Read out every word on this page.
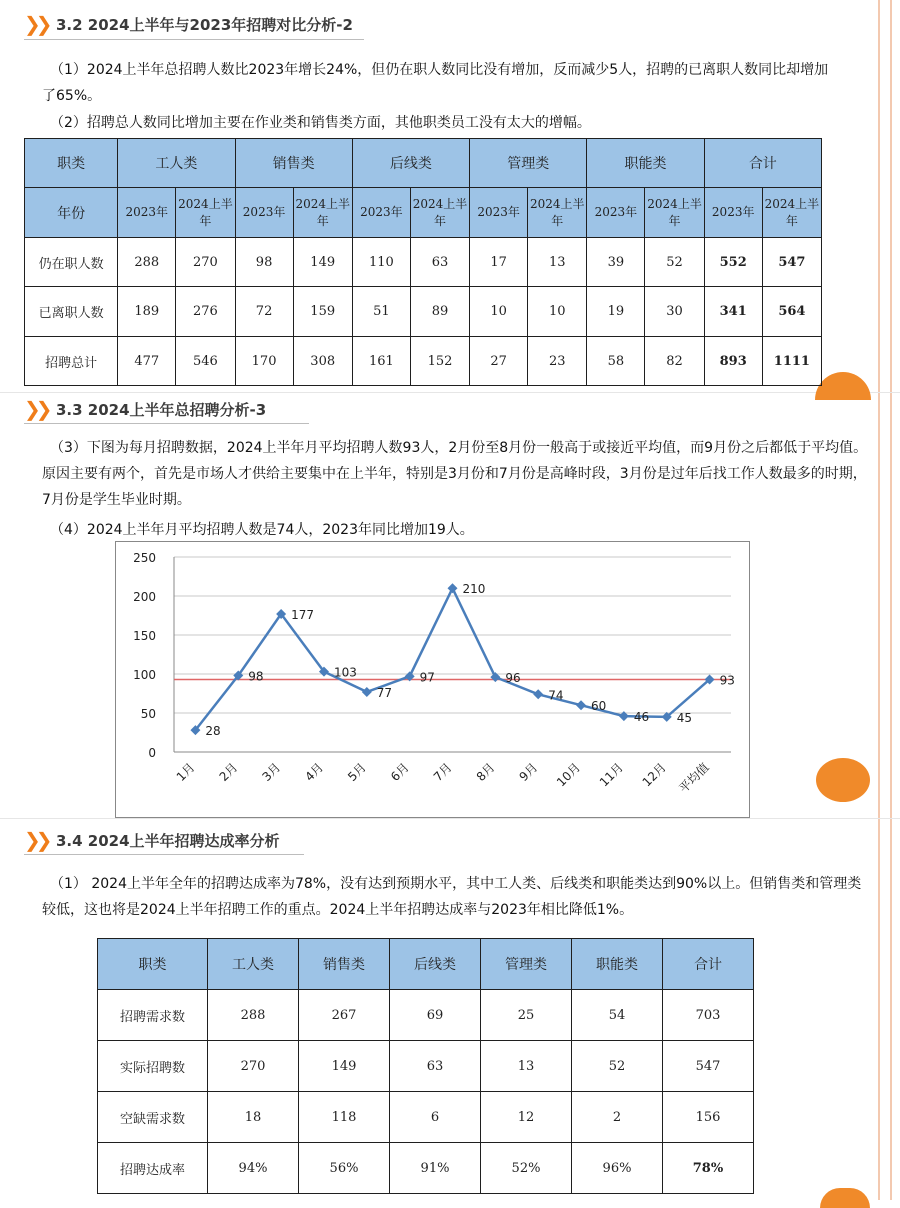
❯❯ 3.2 2024上半年与2023年招聘对比分析-2
（1）2024上半年总招聘人数比2023年增长24%，但仍在职人数同比没有增加，反而减少5人，招聘的已离职人数同比却增加了65%。
（2）招聘总人数同比增加主要在作业类和销售类方面，其他职类员工没有太大的增幅。
职类	工人类		销售类		后线类		管理类		职能类		合计	
年份	2023年	2024上半年	2023年	2024上半年	2023年	2024上半年	2023年	2024上半年	2023年	2024上半年	2023年	2024上半年
仍在职人数	288	270	98	149	110	63	17	13	39	52	552	547
已离职人数	189	276	72	159	51	89	10	10	19	30	341	564
招聘总计	477	546	170	308	161	152	27	23	58	82	893	1111
❯❯ 3.3 2024上半年总招聘分析-3
（3）下图为每月招聘数据，2024上半年月平均招聘人数93人，2月份至8月份一般高于或接近平均值，而9月份之后都低于平均值。原因主要有两个，首先是市场人才供给主要集中在上半年，特别是3月份和7月份是高峰时段，3月份是过年后找工作人数最多的时期，7月份是学生毕业时期。
（4）2024上半年月平均招聘人数是74人，2023年同比增加19人。
0
50
100
150
200
250
1月 2月 3月 4月 5月 6月 7月 8月 9月 10月 11月 12月 平均值
28
98
177
103
77
97
210
96
74
60
46 45
93
❯❯ 3.4 2024上半年招聘达成率分析
（1） 2024上半年全年的招聘达成率为78%，没有达到预期水平，其中工人类、后线类和职能类达到90%以上。但销售类和管理类较低，这也将是2024上半年招聘工作的重点。2024上半年招聘达成率与2023年相比降低1%。
职类	工人类	销售类	后线类	管理类	职能类	合计
招聘需求数	288	267	69	25	54	703
实际招聘数	270	149	63	13	52	547
空缺需求数	18	118	6	12	2	156
招聘达成率	94%	56%	91%	52%	96%	78%
